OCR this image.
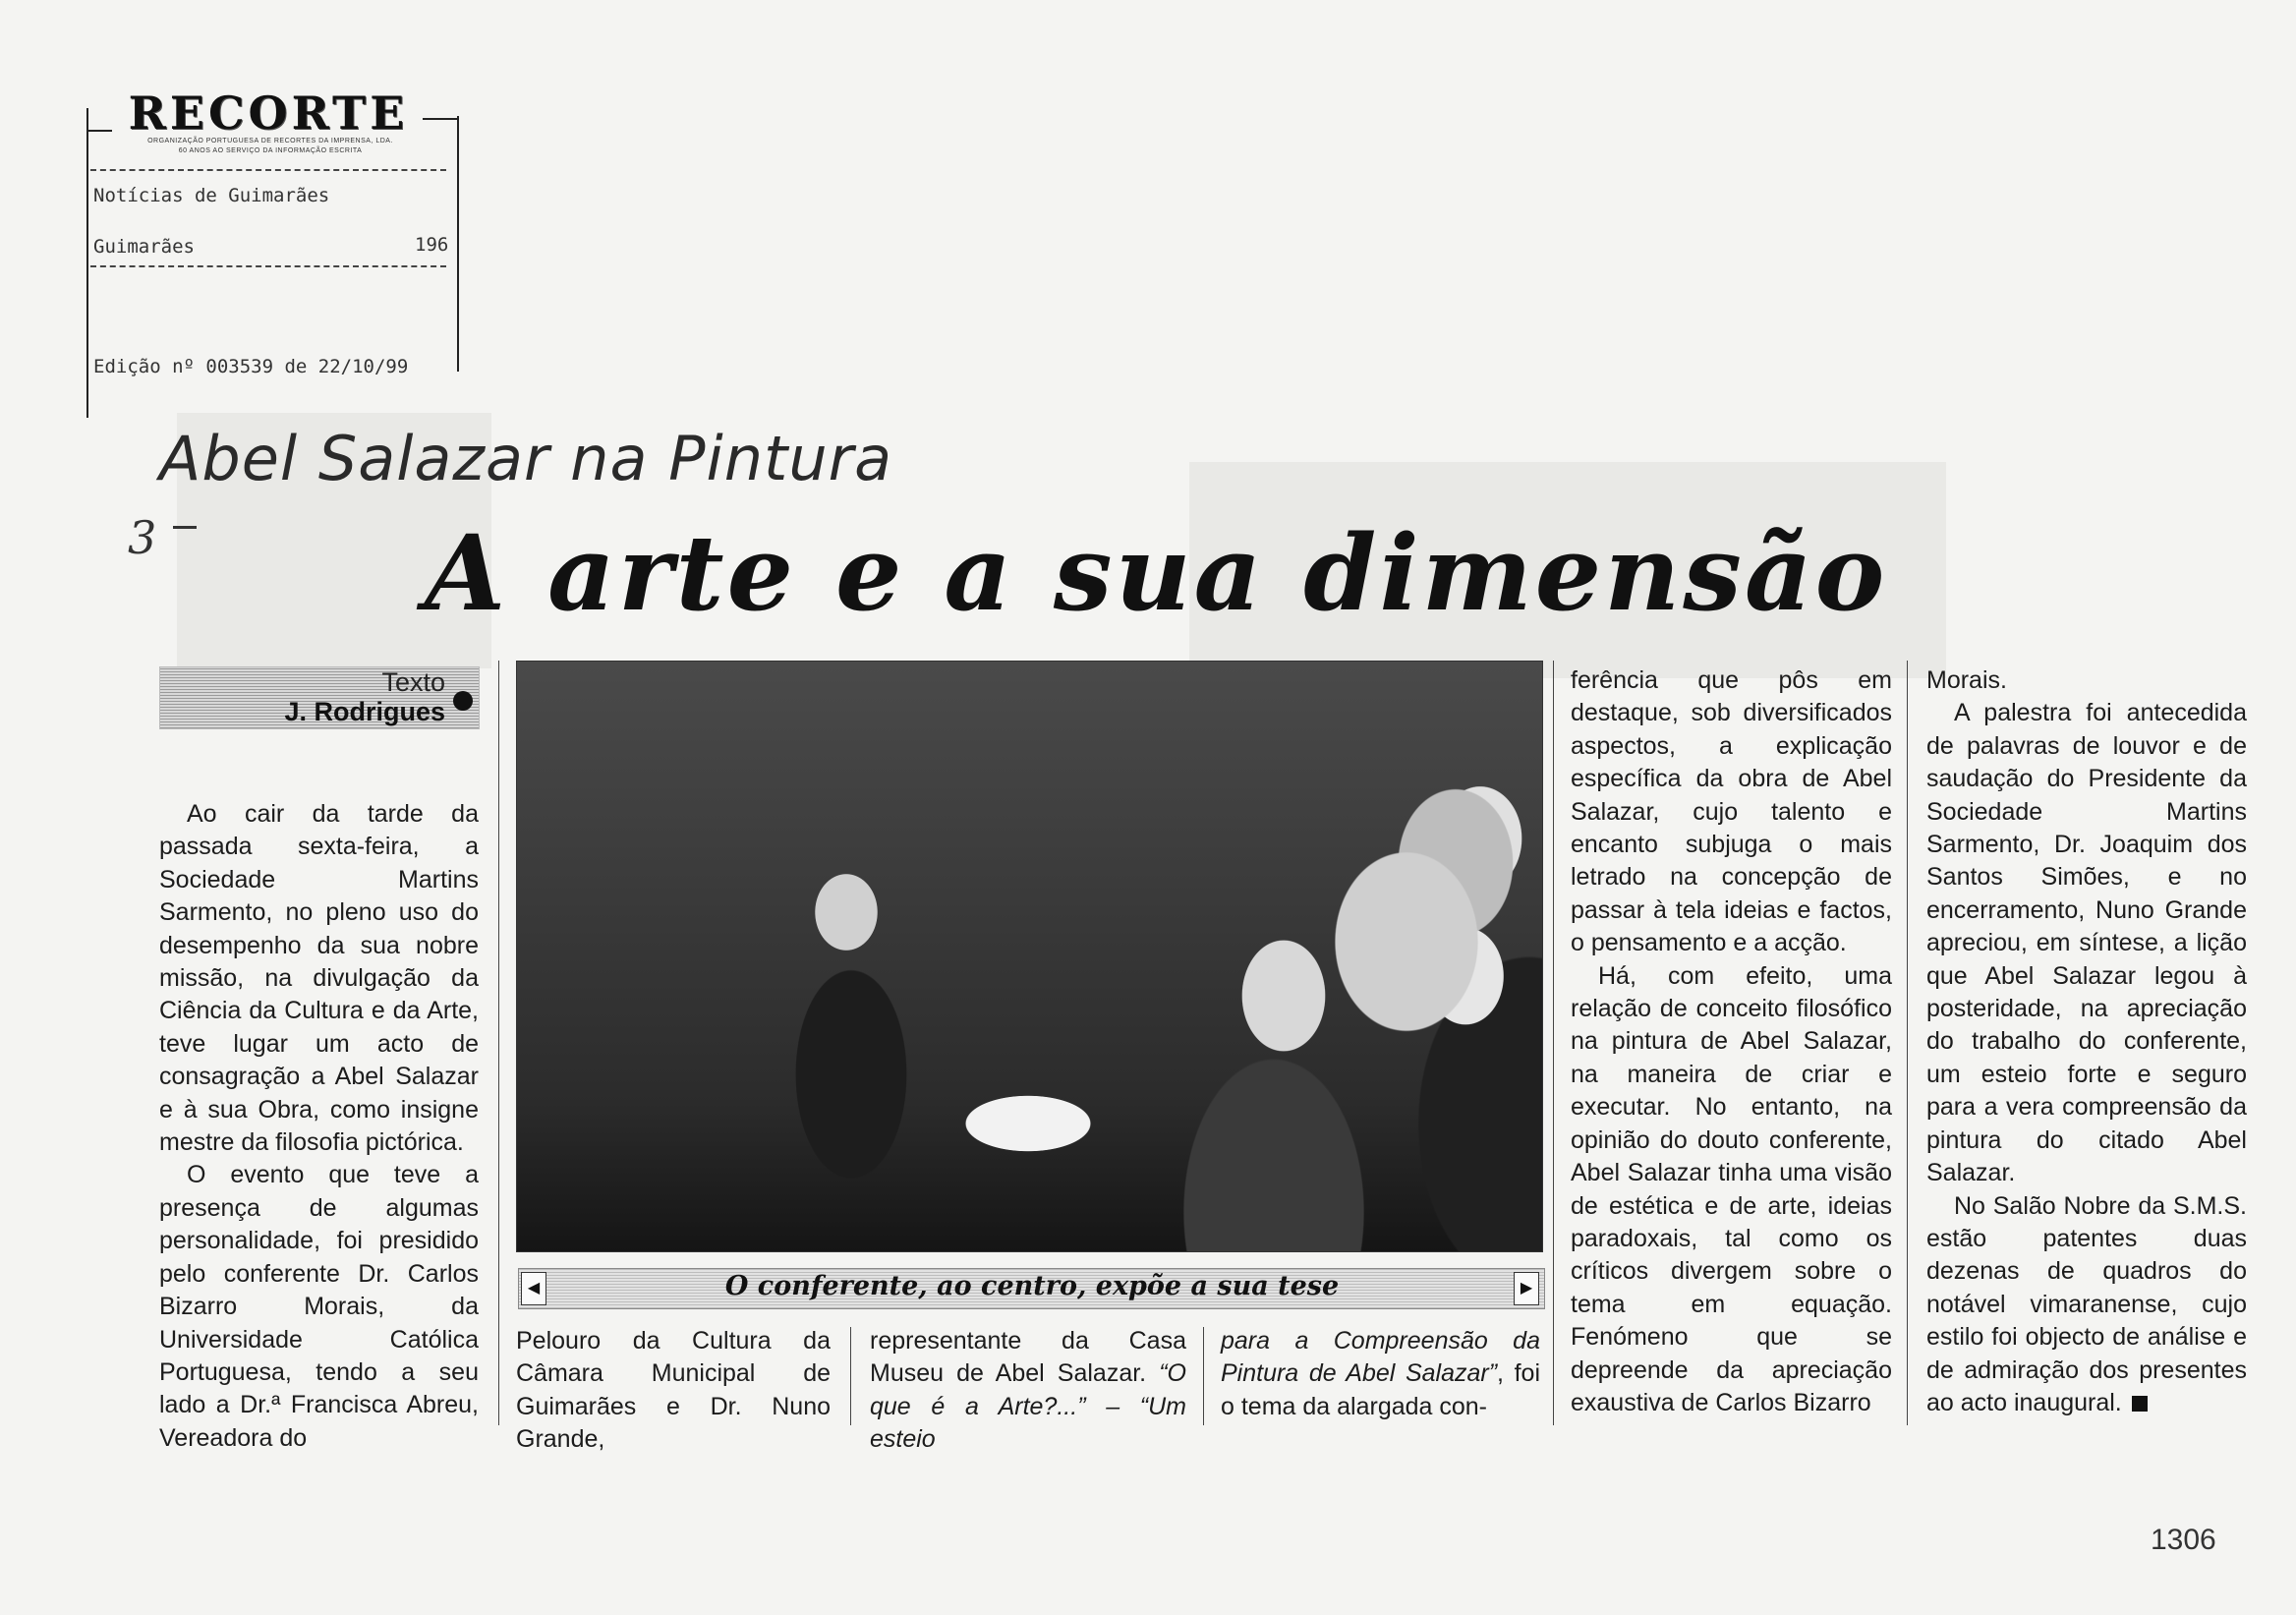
RECORTE
ORGANIZAÇÃO PORTUGUESA DE RECORTES DA IMPRENSA, LDA.
60 ANOS AO SERVIÇO DA INFORMAÇÃO ESCRITA
Notícias de Guimarães
Guimarães	196
Edição nº 003539 de 22/10/99
Abel Salazar na Pintura
3	A arte e a sua dimensão
Texto
J. Rodrigues

Ao cair da tarde da passada sexta-feira, a Sociedade Martins Sarmento, no pleno uso do desempenho da sua nobre missão, na divulgação da Ciência da Cultura e da Arte, teve lugar um acto de consagração a Abel Salazar e à sua Obra, como insigne mestre da filosofia pictórica.

O evento que teve a presença de algumas personalidade, foi presidido pelo conferente Dr. Carlos Bizarro Morais, da Universidade Católica Portuguesa, tendo a seu lado a Dr.ª Francisca Abreu, Vereadora do

◀	▶
O conferente, ao centro, expõe a sua tese

Pelouro da Cultura da Câmara Municipal de Guimarães e Dr. Nuno Grande,

representante da Casa Museu de Abel Salazar. “O que é a Arte?...” – “Um esteio

para a Compreensão da Pintura de Abel Salazar”, foi o tema da alargada con-

ferência que pôs em destaque, sob diversificados aspectos, a explicação específica da obra de Abel Salazar, cujo talento e encanto subjuga o mais letrado na concepção de passar à tela ideias e factos, o pensamento e a acção.

Há, com efeito, uma relação de conceito filosófico na pintura de Abel Salazar, na maneira de criar e executar. No entanto, na opinião do douto conferente, Abel Salazar tinha uma visão de estética e de arte, ideias paradoxais, tal como os críticos divergem sobre o tema em equação. Fenómeno que se depreende da apreciação exaustiva de Carlos Bizarro

Morais.

A palestra foi antecedida de palavras de louvor e de saudação do Presidente da Sociedade Martins Sarmento, Dr. Joaquim dos Santos Simões, e no encerramento, Nuno Grande apreciou, em síntese, a lição que Abel Salazar legou à posteridade, na apreciação do trabalho do conferente, um esteio forte e seguro para a vera compreensão da pintura do citado Abel Salazar.

No Salão Nobre da S.M.S. estão patentes duas dezenas de quadros do notável vimaranense, cujo estilo foi objecto de análise e de admiração dos presentes ao acto inaugural.

1306
